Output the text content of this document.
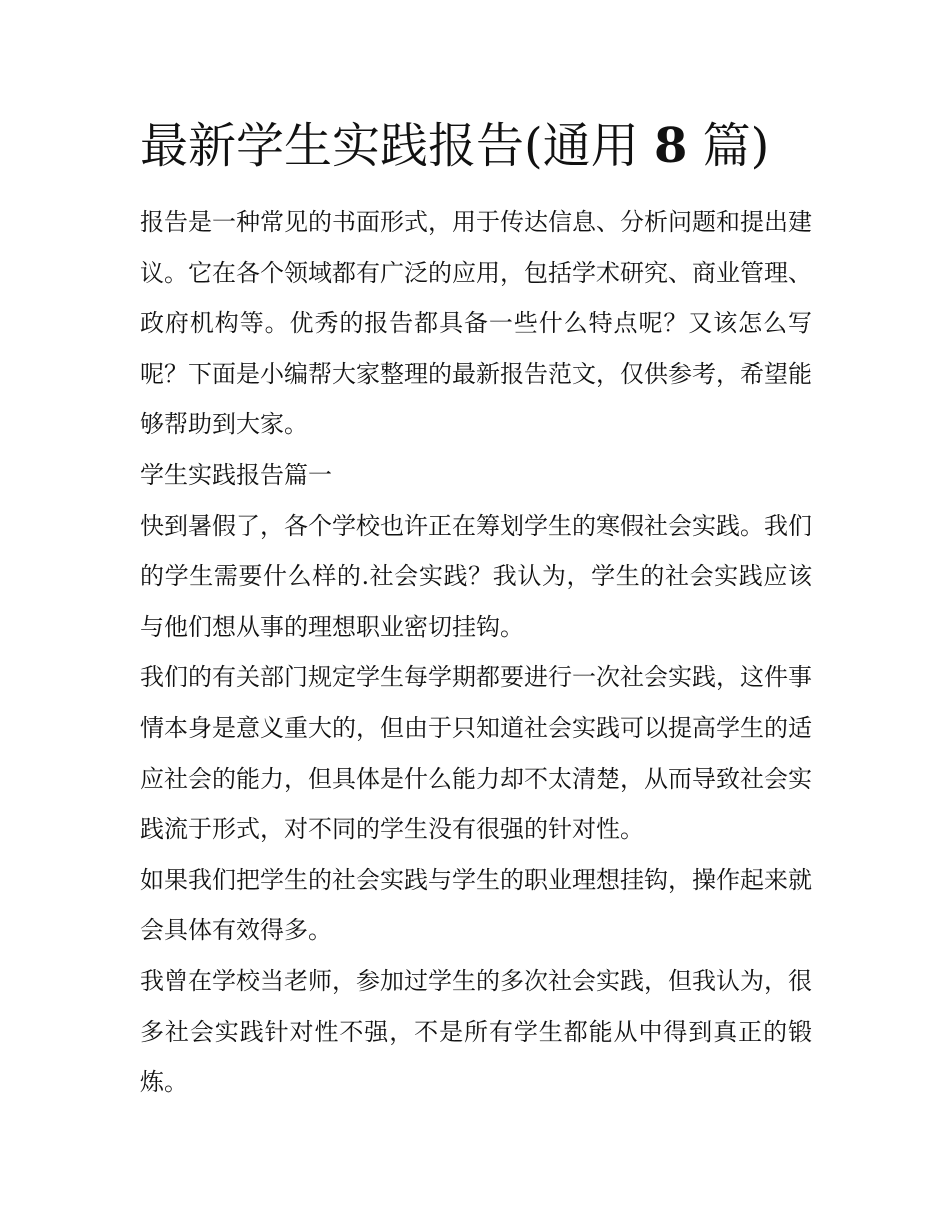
最新学生实践报告(通用 8 篇)

报告是一种常见的书面形式，用于传达信息、分析问题和提出建议。它在各个领域都有广泛的应用，包括学术研究、商业管理、政府机构等。优秀的报告都具备一些什么特点呢？又该怎么写呢？下面是小编帮大家整理的最新报告范文，仅供参考，希望能够帮助到大家。

学生实践报告篇一

快到暑假了，各个学校也许正在筹划学生的寒假社会实践。我们的学生需要什么样的.社会实践？我认为，学生的社会实践应该与他们想从事的理想职业密切挂钩。

我们的有关部门规定学生每学期都要进行一次社会实践，这件事情本身是意义重大的，但由于只知道社会实践可以提高学生的适应社会的能力，但具体是什么能力却不太清楚，从而导致社会实践流于形式，对不同的学生没有很强的针对性。

如果我们把学生的社会实践与学生的职业理想挂钩，操作起来就会具体有效得多。

我曾在学校当老师，参加过学生的多次社会实践，但我认为，很多社会实践针对性不强，不是所有学生都能从中得到真正的锻炼。
